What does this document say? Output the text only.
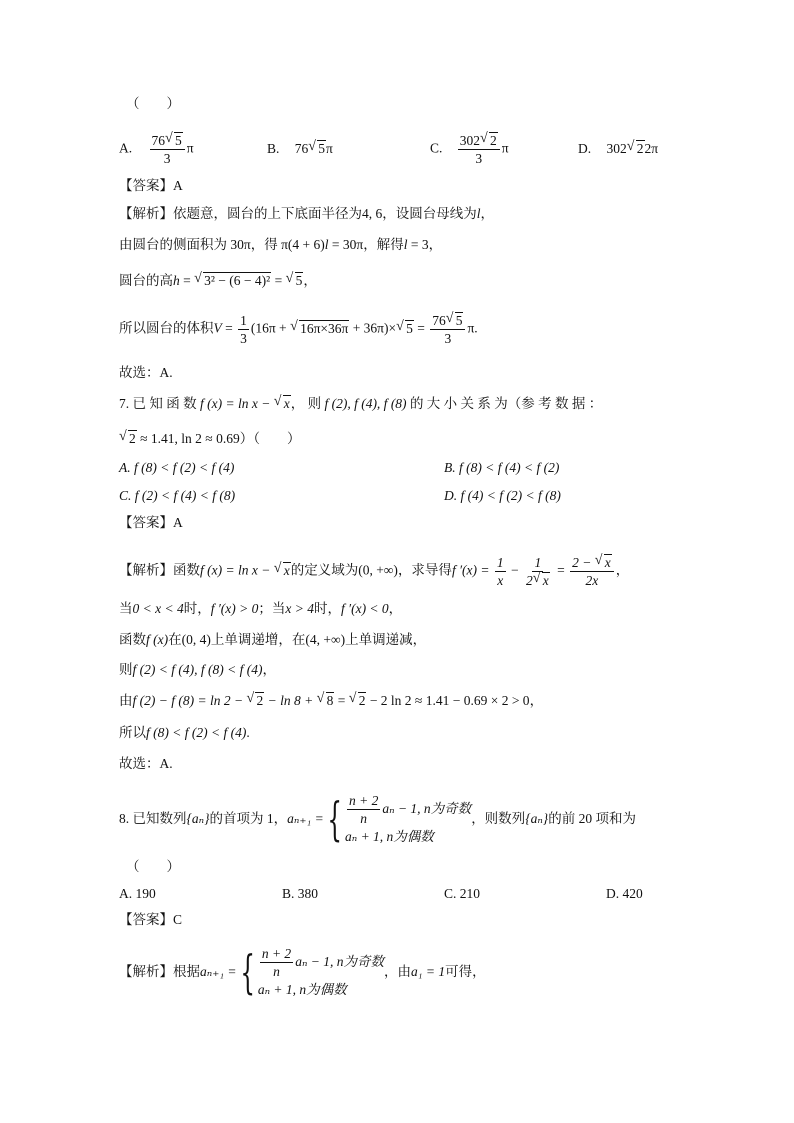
（　　）
A. $\frac{76 √ 5}{3}$ π	B. 76 √ 5π	C. $\frac{302 √ 2}{3}$ π	D. 302 √ 22π
【答案】A
【解析】依题意，圆台的上下底面半径为4, 6，设圆台母线为l，
由圆台的侧面积为 30π，得 π(4 + 6)l = 30π，解得l = 3，
圆台的高h = √ 3² − (6 − 4)² = √ 5，
所以圆台的体积$V = \frac{1}{3} (16\pi$ + √ 16π×36π + 36π)× √ $5 = \frac{76 √ 5}{3} \pi$.
故选：A.
7. 已 知 函 数 f (x) = ln x − √ x， 则 f (2), f (4), f (8) 的 大 小 关 系 为（参 考 数 据 ：
√ 2 ≈ 1.41, ln 2 ≈ 0.69）（　　）
A. f (8) < f (2) < f (4)	B. f (8) < f (4) < f (2)
C. f (2) < f (4) < f (8)	D. f (4) < f (2) < f (8)
【答案】A
【解析】函数f (x) = ln x − √ x的定义域为(0, +∞)，求导得f $'(x) = \frac{1}{x} - \frac{1}{2 √ x} = \frac{2 - √ x}{2x}$ ，
当0 < x < 4时，f ′(x) > 0；当x > 4时，f ′(x) < 0，
函数f (x)在(0, 4)上单调递增，在(4, +∞)上单调递减，
则f (2) < f (4), f (8) < f (4)，
由f (2) − f (8) = ln 2 − √ 2 − ln 8 + √ 8 = √ 2 − 2 ln 2 ≈ 1.41 − 0.69 × 2 > 0，
所以f (8) < f (2) < f (4).
故选：A.
8. 已知数列 {aₙ} 的首项为 1， aₙ₊₁ = { $\frac{n + 2}{n}$ aₙ − 1, n为奇数
aₙ + 1, n为偶数
，则数列 {aₙ} 的前 20 项和为
（　　）
A. 190	B. 380	C. 210	D. 420
【答案】C
【解析】 根据 aₙ₊₁ = { $\frac{n + 2}{n}$ aₙ − 1, n为奇数
aₙ + 1, n为偶数
，由 a₁ = 1 可得，
